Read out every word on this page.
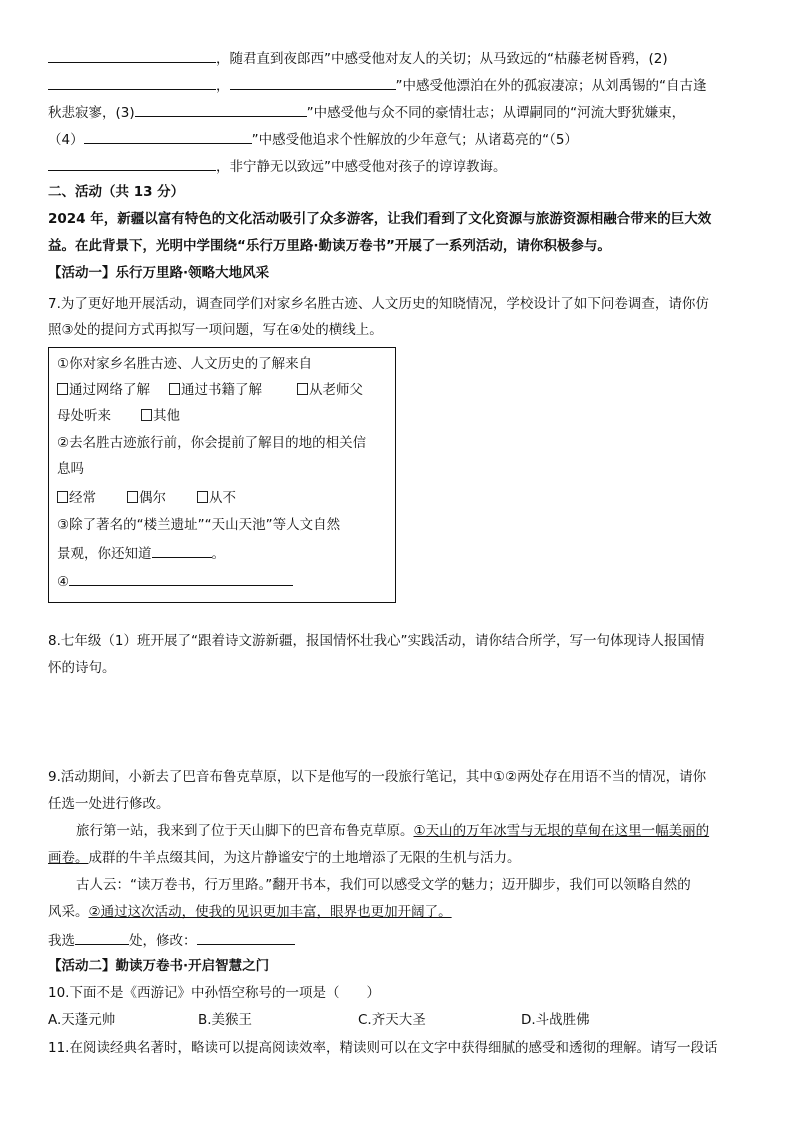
，随君直到夜郎西”中感受他对友人的关切；从马致远的“枯藤老树昏鸦，(2)
，	”中感受他漂泊在外的孤寂凄凉；从刘禹锡的“自古逢
秋悲寂寥，(3)	”中感受他与众不同的豪情壮志；从谭嗣同的“河流大野犹嫌束，
（4）	”中感受他追求个性解放的少年意气；从诸葛亮的“（5）
，非宁静无以致远”中感受他对孩子的谆谆教诲。
二、活动（共 13 分）
2024 年，新疆以富有特色的文化活动吸引了众多游客，让我们看到了文化资源与旅游资源相融合带来的巨大效
益。在此背景下，光明中学围绕“乐行万里路·勤读万卷书”开展了一系列活动，请你积极参与。
【活动一】乐行万里路·领略大地风采
7.为了更好地开展活动，调查同学们对家乡名胜古迹、人文历史的知晓情况，学校设计了如下问卷调查，请你仿
照③处的提问方式再拟写一项问题，写在④处的横线上。
①你对家乡名胜古迹、人文历史的了解来自
通过网络了解 通过书籍了解	从老师父
母处听来	其他
②去名胜古迹旅行前，你会提前了解目的地的相关信
息吗
经常	偶尔	从不
③除了著名的“楼兰遗址”“天山天池”等人文自然
景观，你还知道	。
④
8.七年级（1）班开展了“跟着诗文游新疆，报国情怀壮我心”实践活动，请你结合所学，写一句体现诗人报国情
怀的诗句。
9.活动期间，小新去了巴音布鲁克草原，以下是他写的一段旅行笔记，其中①②两处存在用语不当的情况，请你
任选一处进行修改。
旅行第一站，我来到了位于天山脚下的巴音布鲁克草原。①天山的万年冰雪与无垠的草甸在这里一幅美丽的
画卷。成群的牛羊点缀其间，为这片静谧安宁的土地增添了无限的生机与活力。
古人云：“读万卷书，行万里路。”翻开书本，我们可以感受文学的魅力；迈开脚步，我们可以领略自然的
风采。②通过这次活动，使我的见识更加丰富，眼界也更加开阔了。
我选	处，修改：
【活动二】勤读万卷书·开启智慧之门
10.下面不是《西游记》中孙悟空称号的一项是（　　）
A.天蓬元帅	B.美猴王	C.齐天大圣	D.斗战胜佛
11.在阅读经典名著时，略读可以提高阅读效率，精读则可以在文字中获得细腻的感受和透彻的理解。请写一段话
